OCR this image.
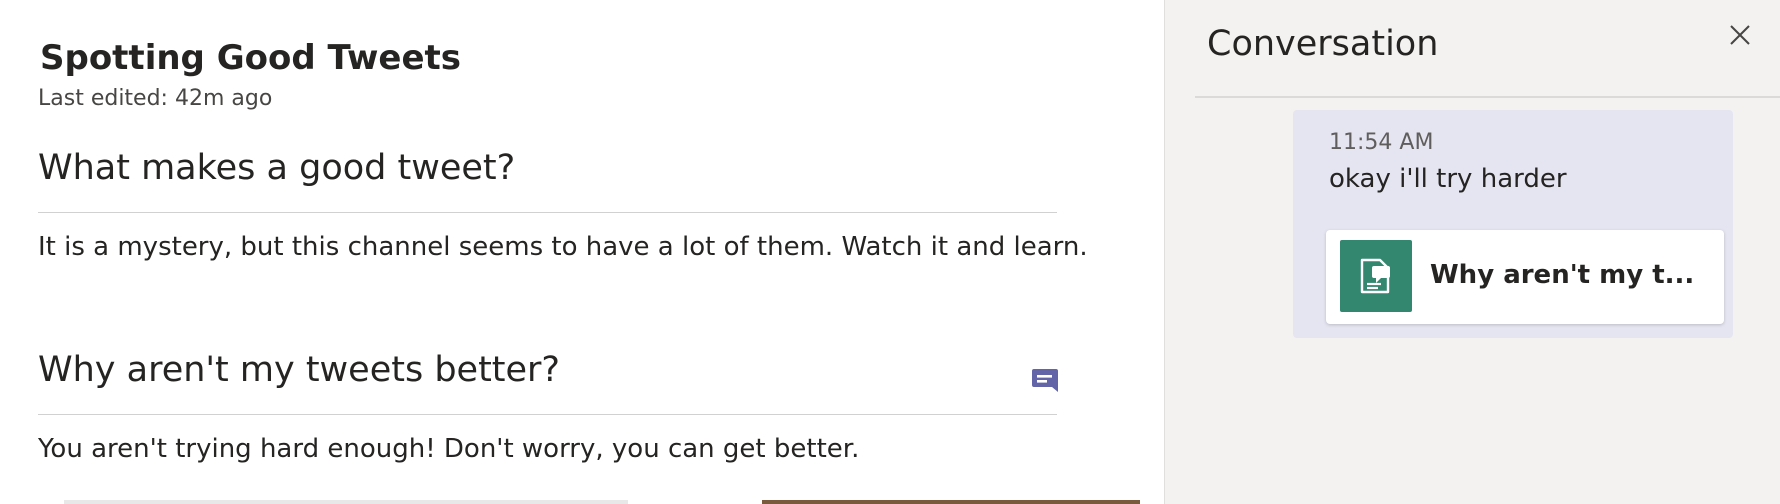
Spotting Good Tweets
Last edited: 42m ago
What makes a good tweet?
It is a mystery, but this channel seems to have a lot of them. Watch it and learn.
Why aren't my tweets better?
You aren't trying hard enough! Don't worry, you can get better.
Conversation
11:54 AM
okay i'll try harder
Why aren't my t...
